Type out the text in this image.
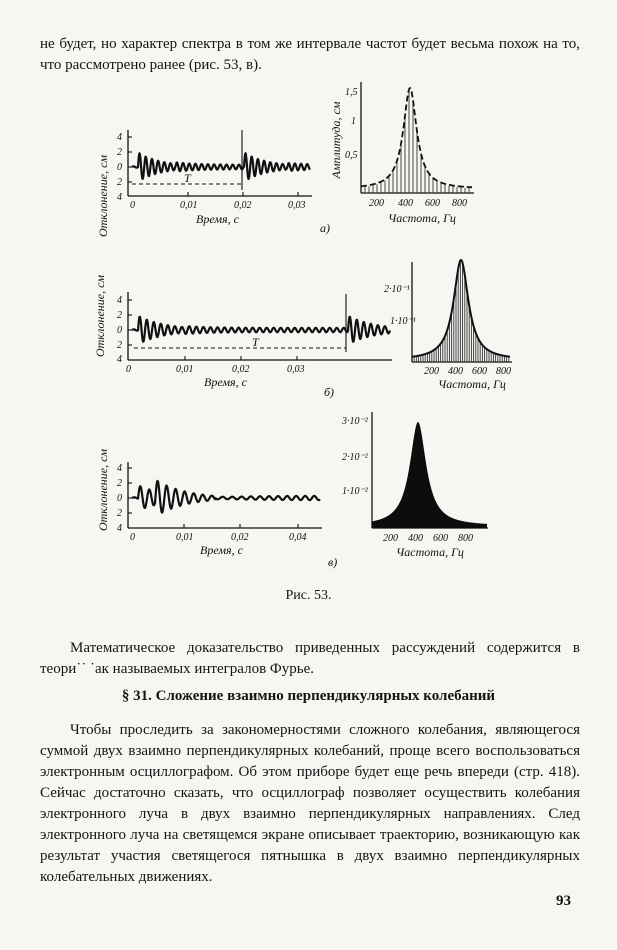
не будет, но характер спектра в том же интервале частот будет весьма похож на то, что рассмотрено ранее (рис. 53, в).

Отклонение, см
4
2
0
2
4
T
0	0,01	0,02	0,03
Время, с
Амплитуда, см
1,5
1
0,5
200 400 600 800
Частота, Гц
а)
Отклонение, см 4
2
0
2
4
T
0	0,01	0,02	0,03
Время, с
2·10⁻¹
1·10⁻¹
200 400 600 800
Частота, Гц
б)
Отклонение, см 4
2
0
2
4
0	0,01	0,02	0,04
Время, с
3·10⁻²
2·10⁻²
1·10⁻²
200 400 600 800
Частота, Гц
в)
Рис. 53.

Математическое доказательство приведенных рассуждений содержится в теори˙˙ ˙ак называемых интегралов Фурье.

§ 31. Сложение взаимно перпендикулярных колебаний

Чтобы проследить за закономерностями сложного колебания, являющегося суммой двух взаимно перпендикулярных колебаний, проще всего воспользоваться электронным осциллографом. Об этом приборе будет еще речь впереди (стр. 418). Сейчас достаточно сказать, что осциллограф позволяет осуществить колебания электронного луча в двух взаимно перпендикулярных направлениях. След электронного луча на светящемся экране описывает траекторию, возникающую как результат участия светящегося пятнышка в двух взаимно перпендикулярных колебательных движениях.

93
